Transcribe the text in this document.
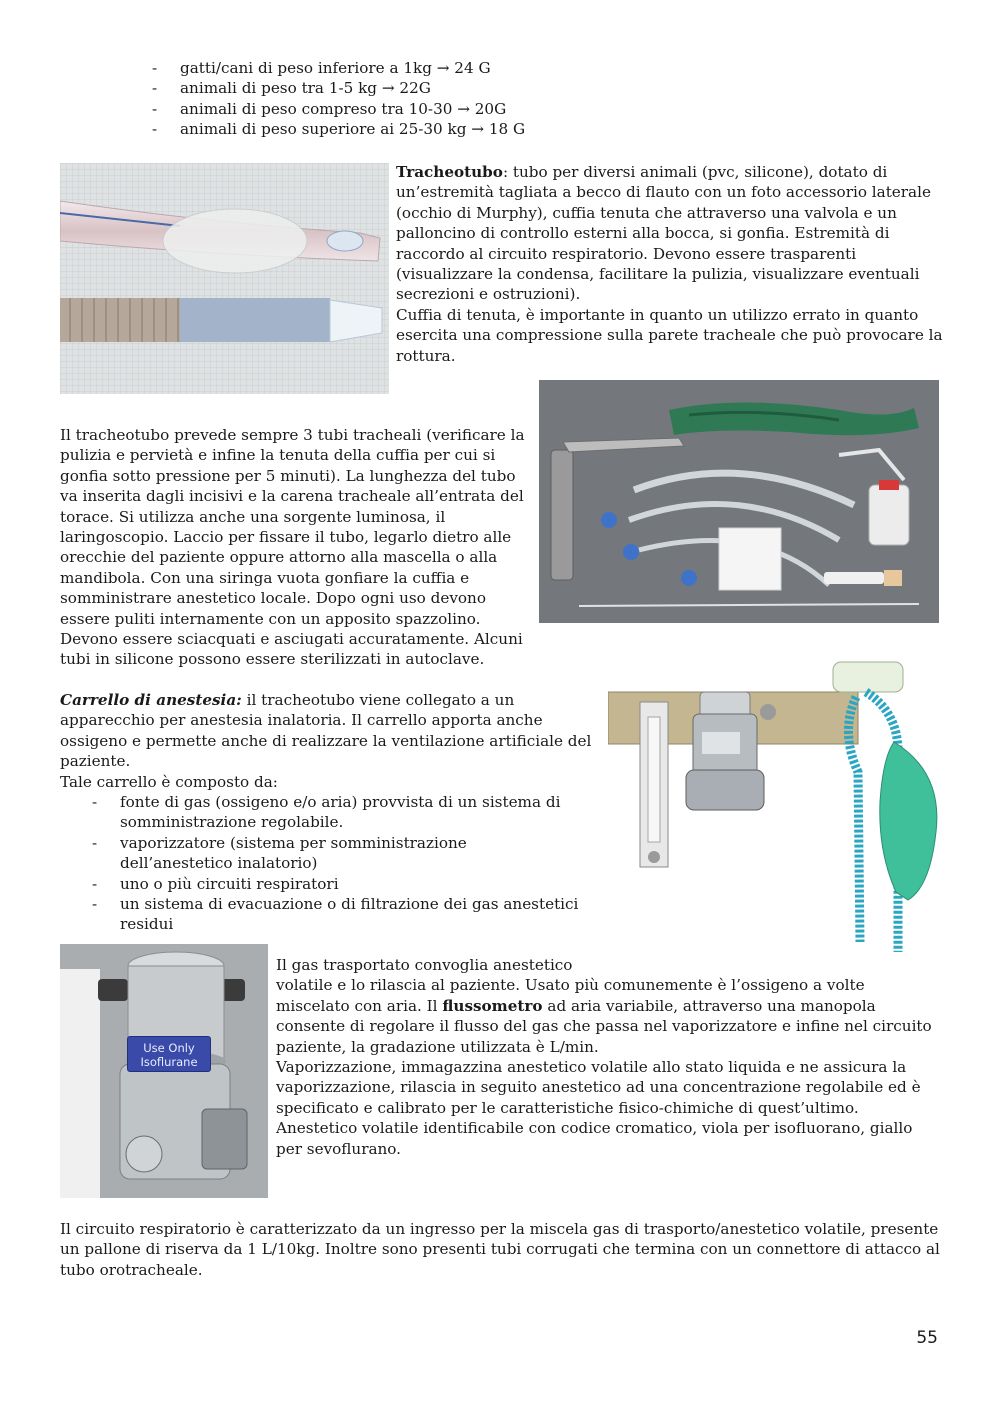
- gatti/cani di peso inferiore a 1kg → 24 G
- animali di peso tra 1-5 kg → 22G
- animali di peso compreso tra 10-30 → 20G
- animali di peso superiore ai 25-30 kg → 18 G

Tracheotubo: tubo per diversi animali (pvc, silicone), dotato di un’estremità tagliata a becco di flauto con un foto accessorio laterale (occhio di Murphy), cuffia tenuta che attraverso una valvola e un palloncino di controllo esterni alla bocca, si gonfia. Estremità di raccordo al circuito respiratorio. Devono essere trasparenti (visualizzare la condensa, facilitare la pulizia, visualizzare eventuali secrezioni e ostruzioni).

Cuffia di tenuta, è importante in quanto un utilizzo errato in quanto esercita una compressione sulla parete tracheale che può provocare la rottura.

Il tracheotubo prevede sempre 3 tubi tracheali (verificare la pulizia e pervietà e infine la tenuta della cuffia per cui si gonfia sotto pressione per 5 minuti). La lunghezza del tubo va inserita dagli incisivi e la carena tracheale all’entrata del torace. Si utilizza anche una sorgente luminosa, il laringoscopio. Laccio per fissare il tubo, legarlo dietro alle orecchie del paziente oppure attorno alla mascella o alla mandibola. Con una siringa vuota gonfiare la cuffia e somministrare anestetico locale. Dopo ogni uso devono essere puliti internamente con un apposito spazzolino. Devono essere sciacquati e asciugati accuratamente. Alcuni tubi in silicone possono essere sterilizzati in autoclave.

Carrello di anestesia: il tracheotubo viene collegato a un apparecchio per anestesia inalatoria. Il carrello apporta anche ossigeno e permette anche di realizzare la ventilazione artificiale del paziente.

Tale carrello è composto da:

- fonte di gas (ossigeno e/o aria) provvista di un sistema di somministrazione regolabile.
- vaporizzatore (sistema per somministrazione dell’anestetico inalatorio)
- uno o più circuiti respiratori
- un sistema di evacuazione o di filtrazione dei gas anestetici residui
-
Use Only
Isoflurane

Il gas trasportato convoglia anestetico

volatile e lo rilascia al paziente. Usato più comunemente è l’ossigeno a volte miscelato con aria. Il flussometro ad aria variabile, attraverso una manopola consente di regolare il flusso del gas che passa nel vaporizzatore e infine nel circuito paziente, la gradazione utilizzata è L/min.

Vaporizzazione, immagazzina anestetico volatile allo stato liquida e ne assicura la vaporizzazione, rilascia in seguito anestetico ad una concentrazione regolabile ed è specificato e calibrato per le caratteristiche fisico-chimiche di quest’ultimo. Anestetico volatile identificabile con codice cromatico, viola per isofluorano, giallo per sevoflurano.

Il circuito respiratorio è caratterizzato da un ingresso per la miscela gas di trasporto/anestetico volatile, presente un pallone di riserva da 1 L/10kg. Inoltre sono presenti tubi corrugati che termina con un connettore di attacco al tubo orotracheale.

55
